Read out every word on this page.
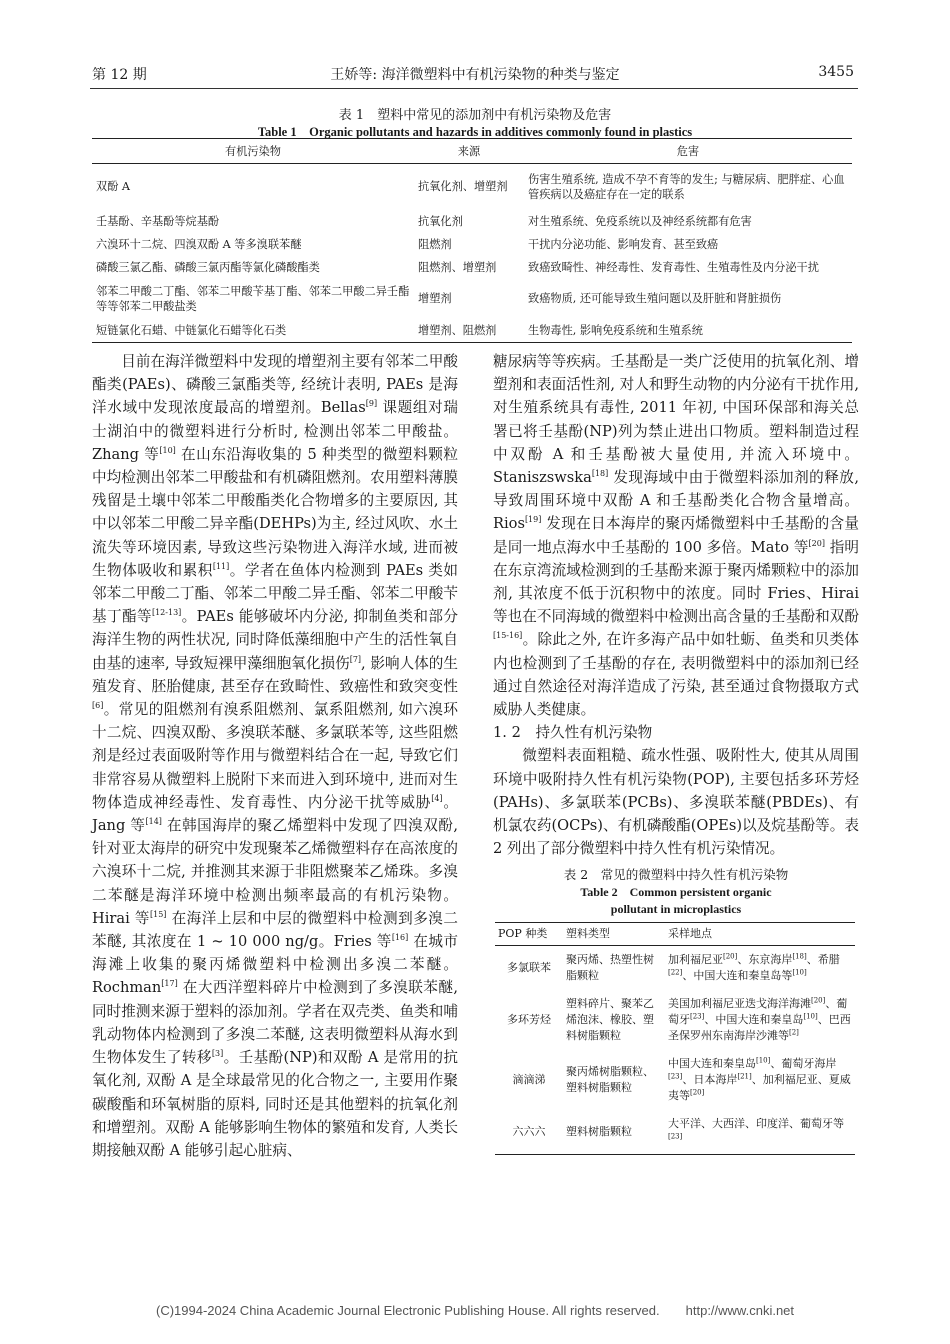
第 12 期	王娇等: 海洋微塑料中有机污染物的种类与鉴定	3455
表 1　塑料中常见的添加剂中有机污染物及危害
Table 1　Organic pollutants and hazards in additives commonly found in plastics
有机污染物	来源	危害
双酚 A	抗氧化剂、增塑剂	伤害生殖系统, 造成不孕不育等的发生; 与糖尿病、肥胖症、心血管疾病以及癌症存在一定的联系
壬基酚、辛基酚等烷基酚	抗氧化剂	对生殖系统、免疫系统以及神经系统都有危害
六溴环十二烷、四溴双酚 A 等多溴联苯醚	阻燃剂	干扰内分泌功能、影响发育、甚至致癌
磷酸三氯乙酯、磷酸三氯丙酯等氯化磷酸酯类	阻燃剂、增塑剂	致癌致畸性、神经毒性、发育毒性、生殖毒性及内分泌干扰
邻苯二甲酸二丁酯、邻苯二甲酸苄基丁酯、邻苯二甲酸二异壬酯等等邻苯二甲酸盐类	增塑剂	致癌物质, 还可能导致生殖问题以及肝脏和肾脏损伤
短链氯化石蜡、中链氯化石蜡等化石类	增塑剂、阻燃剂	生物毒性, 影响免疫系统和生殖系统

目前在海洋微塑料中发现的增塑剂主要有邻苯二甲酸酯类(PAEs)、磷酸三氯酯类等, 经统计表明, PAEs 是海洋水域中发现浓度最高的增塑剂。Bellas[9] 课题组对瑞士湖泊中的微塑料进行分析时, 检测出邻苯二甲酸盐。Zhang 等[10] 在山东沿海收集的 5 种类型的微塑料颗粒中均检测出邻苯二甲酸盐和有机磷阻燃剂。农用塑料薄膜残留是土壤中邻苯二甲酸酯类化合物增多的主要原因, 其中以邻苯二甲酸二异辛酯(DEHPs)为主, 经过风吹、水土流失等环境因素, 导致这些污染物进入海洋水域, 进而被生物体吸收和累积[11]。学者在鱼体内检测到 PAEs 类如邻苯二甲酸二丁酯、邻苯二甲酸二异壬酯、邻苯二甲酸苄基丁酯等[12-13]。PAEs 能够破坏内分泌, 抑制鱼类和部分海洋生物的两性状况, 同时降低藻细胞中产生的活性氧自由基的速率, 导致短裸甲藻细胞氧化损伤[7], 影响人体的生殖发育、胚胎健康, 甚至存在致畸性、致癌性和致突变性[6]。常见的阻燃剂有溴系阻燃剂、氯系阻燃剂, 如六溴环十二烷、四溴双酚、多溴联苯醚、多氯联苯等, 这些阻燃剂是经过表面吸附等作用与微塑料结合在一起, 导致它们非常容易从微塑料上脱附下来而进入到环境中, 进而对生物体造成神经毒性、发育毒性、内分泌干扰等威胁[4]。Jang 等[14] 在韩国海岸的聚乙烯塑料中发现了四溴双酚, 针对亚太海岸的研究中发现聚苯乙烯微塑料存在高浓度的六溴环十二烷, 并推测其来源于非阻燃聚苯乙烯珠。多溴二苯醚是海洋环境中检测出频率最高的有机污染物。Hirai 等[15] 在海洋上层和中层的微塑料中检测到多溴二苯醚, 其浓度在 1 ~ 10 000 ng/g。Fries 等[16] 在城市海滩上收集的聚丙烯微塑料中检测出多溴二苯醚。Rochman[17] 在大西洋塑料碎片中检测到了多溴联苯醚, 同时推测来源于塑料的添加剂。学者在双壳类、鱼类和哺乳动物体内检测到了多溴二苯醚, 这表明微塑料从海水到生物体发生了转移[3]。壬基酚(NP)和双酚 A 是常用的抗氧化剂, 双酚 A 是全球最常见的化合物之一, 主要用作聚碳酸酯和环氧树脂的原料, 同时还是其他塑料的抗氧化剂和增塑剂。双酚 A 能够影响生物体的繁殖和发育, 人类长期接触双酚 A 能够引起心脏病、

糖尿病等等疾病。壬基酚是一类广泛使用的抗氧化剂、增塑剂和表面活性剂, 对人和野生动物的内分泌有干扰作用, 对生殖系统具有毒性, 2011 年初, 中国环保部和海关总署已将壬基酚(NP)列为禁止进出口物质。塑料制造过程中双酚 A 和壬基酚被大量使用, 并流入环境中。Staniszswska[18] 发现海域中由于微塑料添加剂的释放, 导致周围环境中双酚 A 和壬基酚类化合物含量增高。Rios[19] 发现在日本海岸的聚丙烯微塑料中壬基酚的含量是同一地点海水中壬基酚的 100 多倍。Mato 等[20] 指明在东京湾流域检测到的壬基酚来源于聚丙烯颗粒中的添加剂, 其浓度不低于沉积物中的浓度。同时 Fries、Hirai 等也在不同海域的微塑料中检测出高含量的壬基酚和双酚[15-16]。除此之外, 在许多海产品中如牡蛎、鱼类和贝类体内也检测到了壬基酚的存在, 表明微塑料中的添加剂已经通过自然途径对海洋造成了污染, 甚至通过食物摄取方式威胁人类健康。

1. 2　持久性有机污染物

微塑料表面粗糙、疏水性强、吸附性大, 使其从周围环境中吸附持久性有机污染物(POP), 主要包括多环芳烃(PAHs)、多氯联苯(PCBs)、多溴联苯醚(PBDEs)、有机氯农药(OCPs)、有机磷酸酯(OPEs)以及烷基酚等。表 2 列出了部分微塑料中持久性有机污染情况。

表 2　常见的微塑料中持久性有机污染物
Table 2　Common persistent organic
pollutant in microplastics
POP 种类	塑料类型	采样地点
多氯联苯	聚丙烯、热塑性树脂颗粒	加利福尼亚[20]、东京海岸[18]、希腊[22]、中国大连和秦皇岛等[10]
多环芳烃	塑料碎片、聚苯乙烯泡沫、橡胶、塑料树脂颗粒	美国加利福尼亚迭戈海洋海滩[20]、葡萄牙[23]、中国大连和秦皇岛[10]、巴西圣保罗州东南海岸沙滩等[2]
滴滴涕	聚丙烯树脂颗粒、塑料树脂颗粒	中国大连和秦皇岛[10]、葡萄牙海岸[23]、日本海岸[21]、加利福尼亚、夏威夷等[20]
六六六	塑料树脂颗粒	大平洋、大西洋、印度洋、葡萄牙等[23]
(C)1994-2024 China Academic Journal Electronic Publishing House. All rights reserved.　　http://www.cnki.net
